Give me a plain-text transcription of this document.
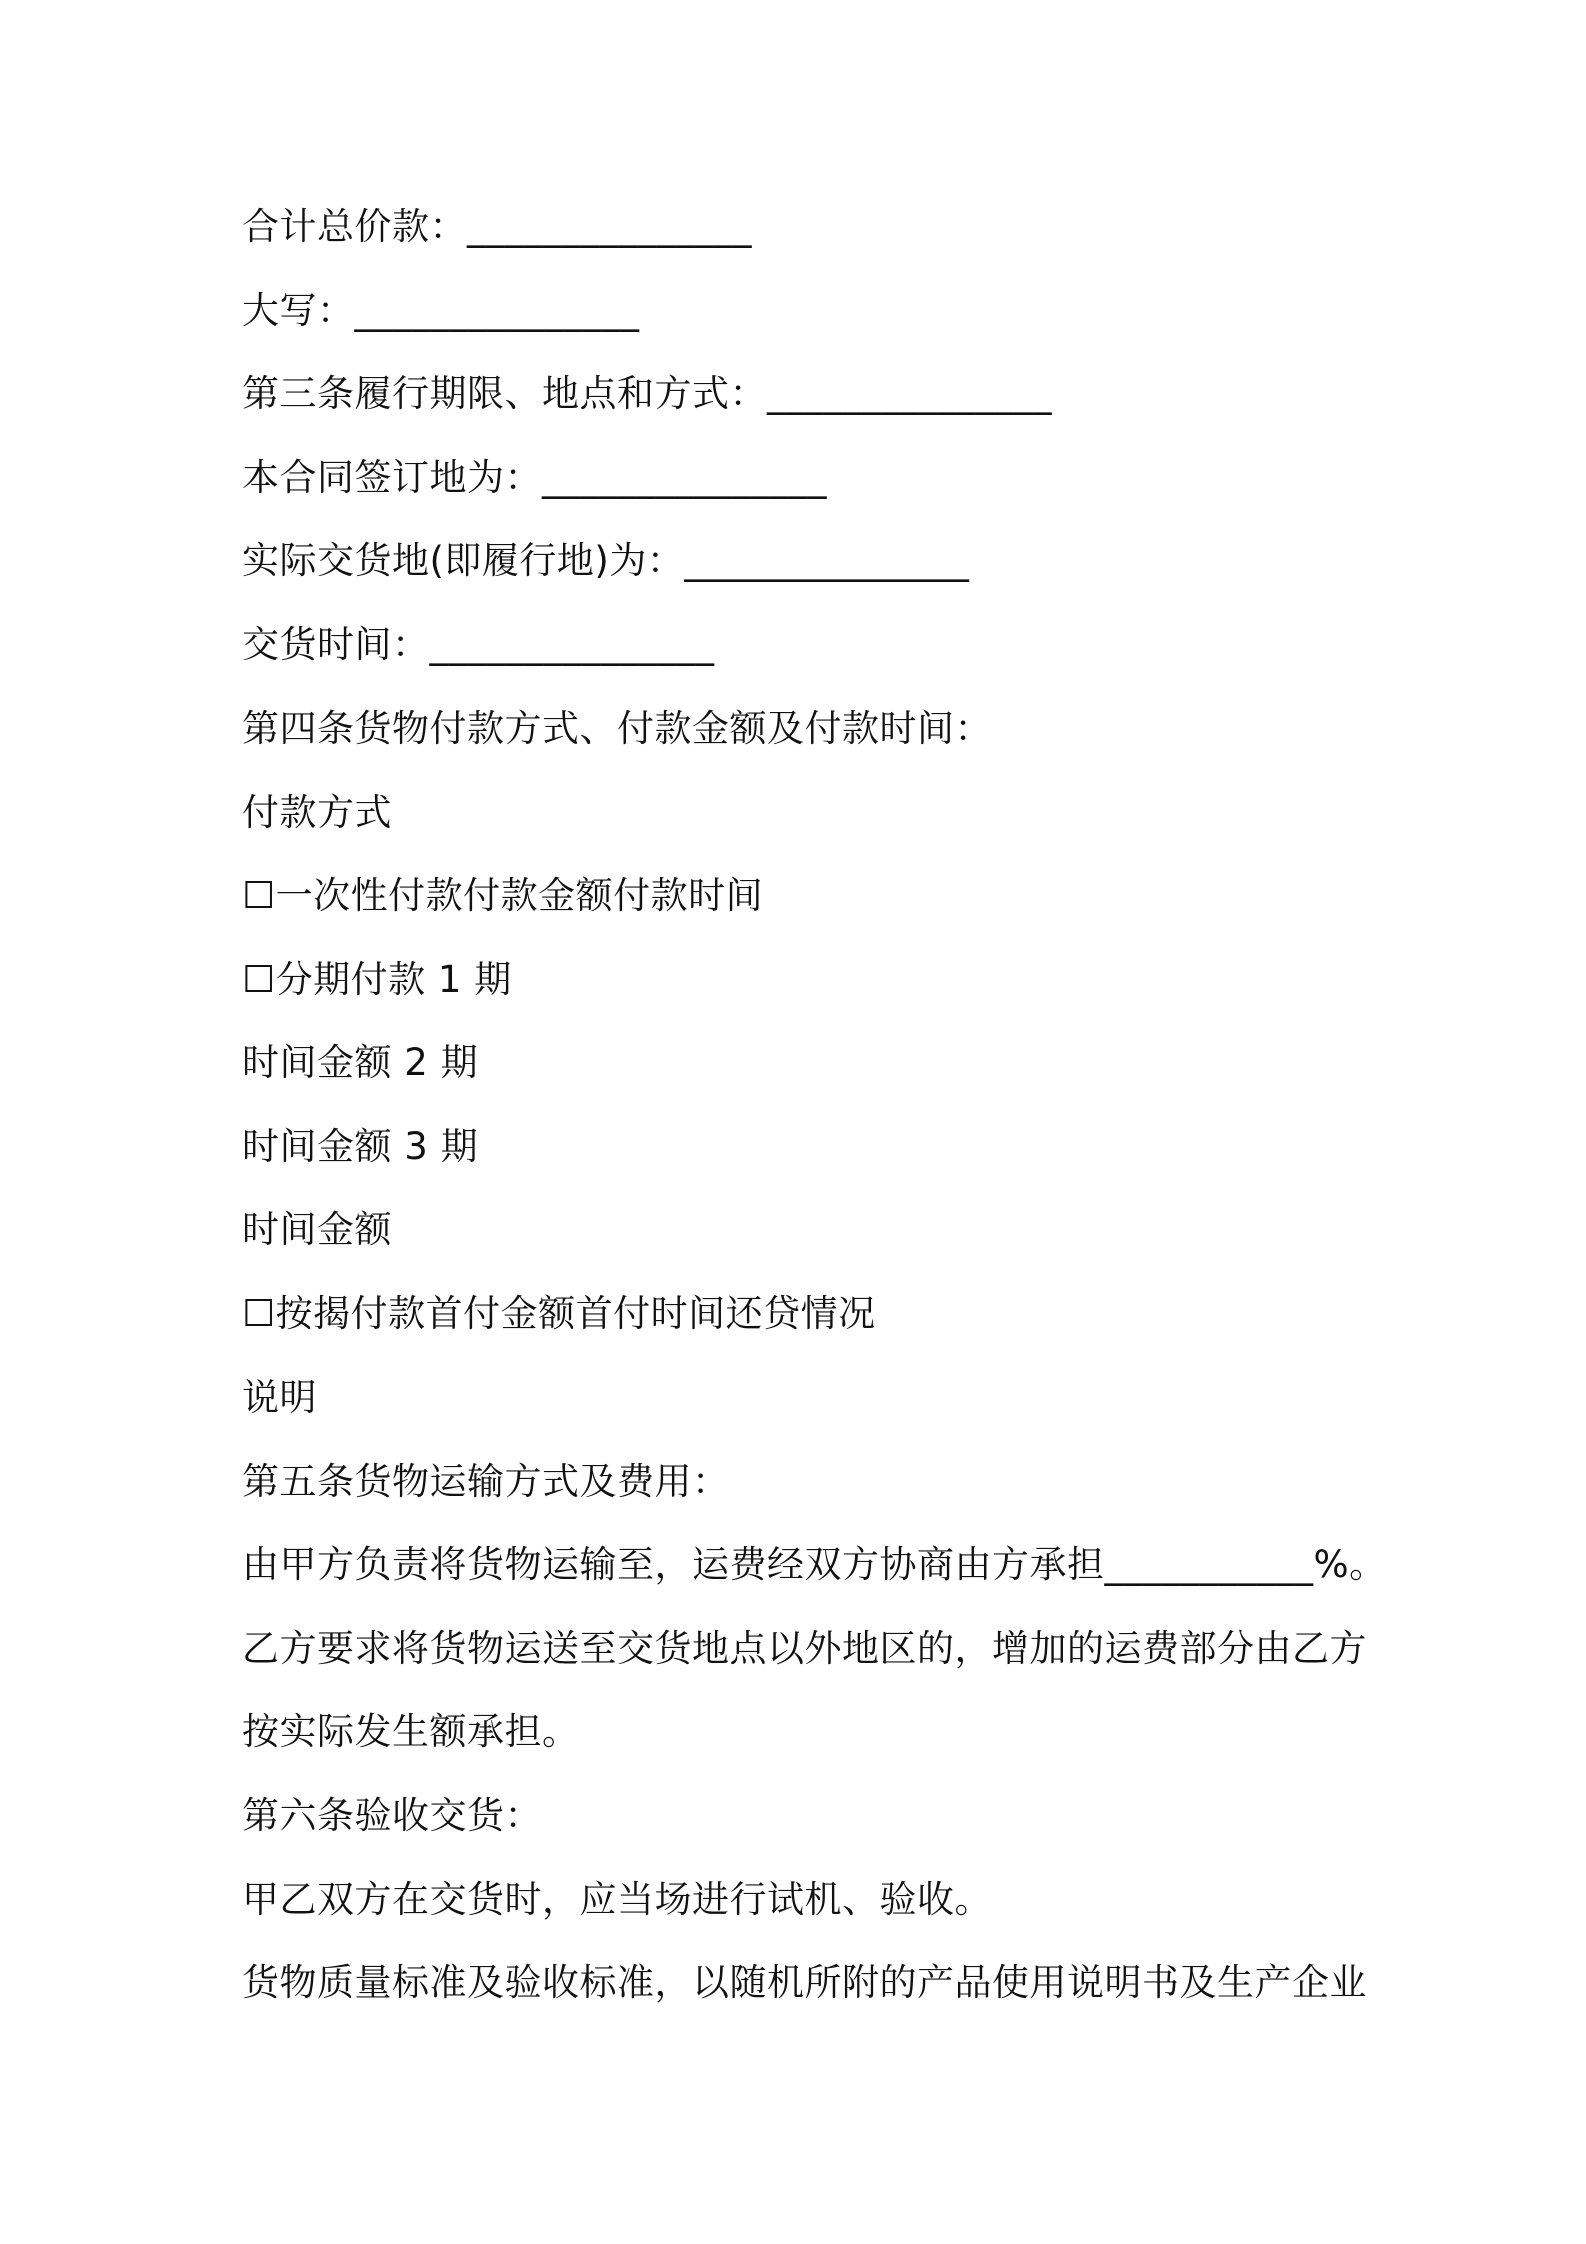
合计总价款：_______________

大写：_______________

第三条履行期限、地点和方式：_______________

本合同签订地为：_______________

实际交货地(即履行地)为：_______________

交货时间：_______________

第四条货物付款方式、付款金额及付款时间：

付款方式

☐一次性付款付款金额付款时间

☐分期付款 1 期

时间金额 2 期

时间金额 3 期

时间金额

☐按揭付款首付金额首付时间还贷情况

说明

第五条货物运输方式及费用：

由甲方负责将货物运输至，运费经双方协商由方承担___________%。

乙方要求将货物运送至交货地点以外地区的，增加的运费部分由乙方

按实际发生额承担。

第六条验收交货：

甲乙双方在交货时，应当场进行试机、验收。

货物质量标准及验收标准，以随机所附的产品使用说明书及生产企业
